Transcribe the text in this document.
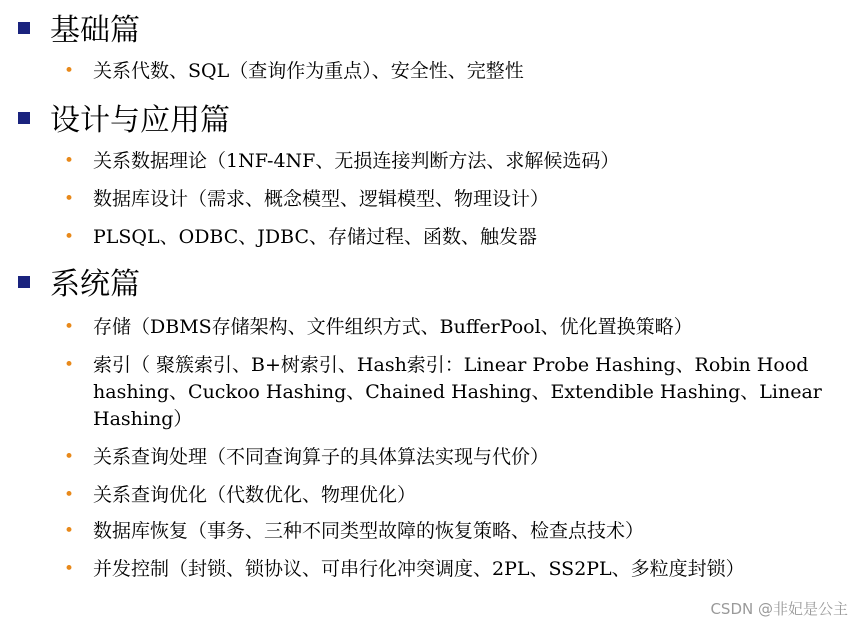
基础篇
• 关系代数、SQL（查询作为重点）、安全性、完整性
设计与应用篇
• 关系数据理论（1NF-4NF、无损连接判断方法、求解候选码）
• 数据库设计（需求、概念模型、逻辑模型、物理设计）
• PLSQL、ODBC、JDBC、存储过程、函数、触发器
系统篇
• 存储（DBMS存储架构、文件组织方式、BufferPool、优化置换策略）
• 索引（ 聚簇索引、B+树索引、Hash索引：Linear Probe Hashing、Robin Hood hashing、Cuckoo Hashing、Chained Hashing、Extendible Hashing、Linear Hashing）
• 关系查询处理（不同查询算子的具体算法实现与代价）
• 关系查询优化（代数优化、物理优化）
• 数据库恢复（事务、三种不同类型故障的恢复策略、检查点技术）
• 并发控制（封锁、锁协议、可串行化冲突调度、2PL、SS2PL、多粒度封锁）
CSDN @非妃是公主
